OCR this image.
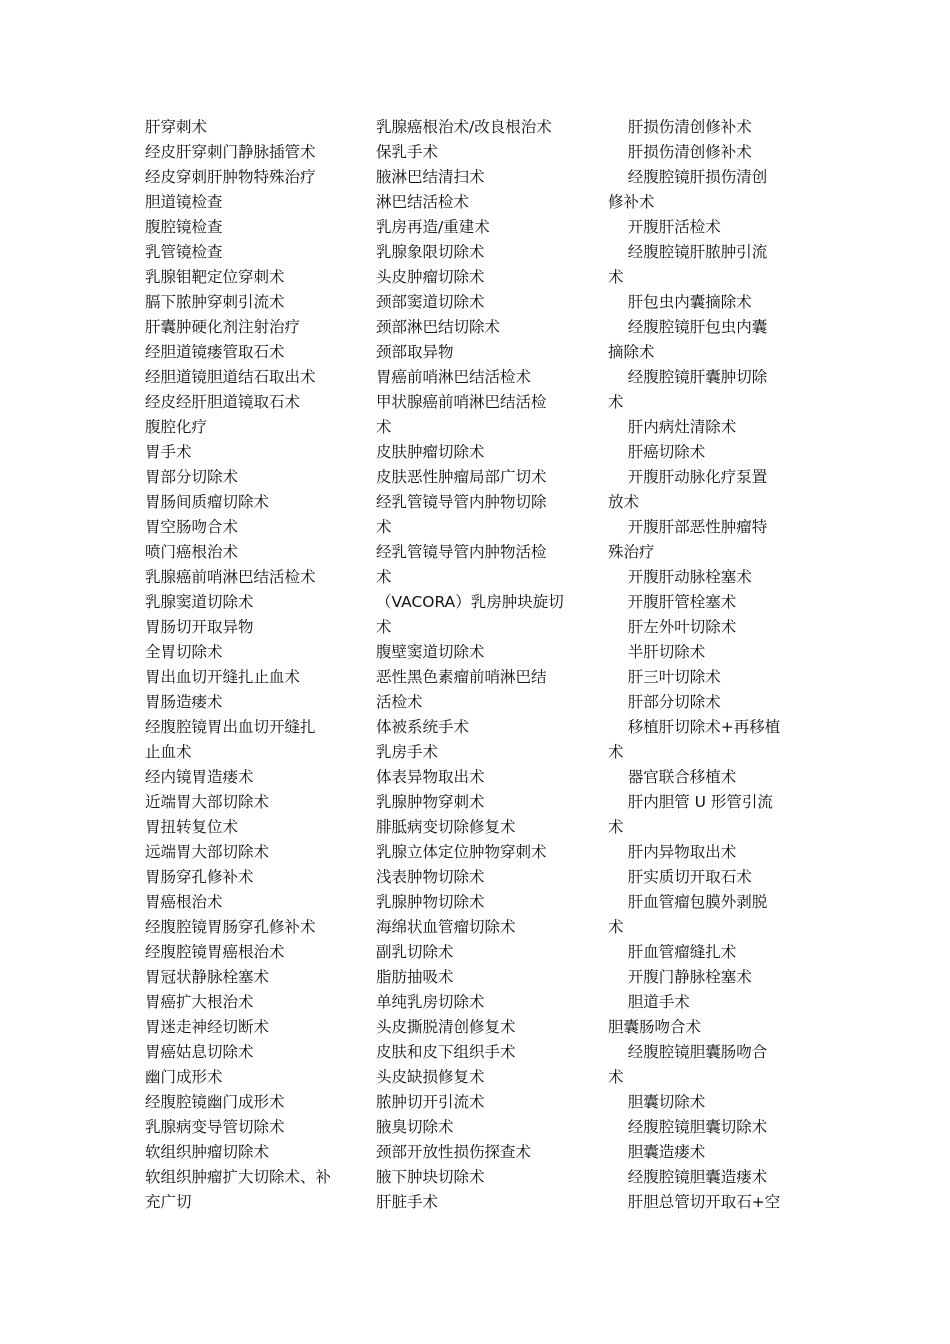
肝穿刺术
经皮肝穿刺门静脉插管术
经皮穿刺肝肿物特殊治疗
胆道镜检查
腹腔镜检查
乳管镜检查
乳腺钼靶定位穿刺术
膈下脓肿穿刺引流术
肝囊肿硬化剂注射治疗
经胆道镜瘘管取石术
经胆道镜胆道结石取出术
经皮经肝胆道镜取石术
腹腔化疗
胃手术
胃部分切除术
胃肠间质瘤切除术
胃空肠吻合术
喷门癌根治术
乳腺癌前哨淋巴结活检术
乳腺窦道切除术
胃肠切开取异物
全胃切除术
胃出血切开缝扎止血术
胃肠造瘘术
经腹腔镜胃出血切开缝扎
止血术
经内镜胃造瘘术
近端胃大部切除术
胃扭转复位术
远端胃大部切除术
胃肠穿孔修补术
胃癌根治术
经腹腔镜胃肠穿孔修补术
经腹腔镜胃癌根治术
胃冠状静脉栓塞术
胃癌扩大根治术
胃迷走神经切断术
胃癌姑息切除术
幽门成形术
经腹腔镜幽门成形术
乳腺病变导管切除术
软组织肿瘤切除术
软组织肿瘤扩大切除术、补
充广切
乳腺癌根治术/改良根治术
保乳手术
腋淋巴结清扫术
淋巴结活检术
乳房再造/重建术
乳腺象限切除术
头皮肿瘤切除术
颈部窦道切除术
颈部淋巴结切除术
颈部取异物
胃癌前哨淋巴结活检术
甲状腺癌前哨淋巴结活检
术
皮肤肿瘤切除术
皮肤恶性肿瘤局部广切术
经乳管镜导管内肿物切除
术
经乳管镜导管内肿物活检
术
（VACORA）乳房肿块旋切
术
腹壁窦道切除术
恶性黑色素瘤前哨淋巴结
活检术
体被系统手术
乳房手术
体表异物取出术
乳腺肿物穿刺术
腓胝病变切除修复术
乳腺立体定位肿物穿刺术
浅表肿物切除术
乳腺肿物切除术
海绵状血管瘤切除术
副乳切除术
脂肪抽吸术
单纯乳房切除术
头皮撕脱清创修复术
皮肤和皮下组织手术
头皮缺损修复术
脓肿切开引流术
腋臭切除术
颈部开放性损伤探查术
腋下肿块切除术
肝脏手术
肝损伤清创修补术
肝损伤清创修补术
经腹腔镜肝损伤清创
修补术
开腹肝活检术
经腹腔镜肝脓肿引流
术
肝包虫内囊摘除术
经腹腔镜肝包虫内囊
摘除术
经腹腔镜肝囊肿切除
术
肝内病灶清除术
肝癌切除术
开腹肝动脉化疗泵置
放术
开腹肝部恶性肿瘤特
殊治疗
开腹肝动脉栓塞术
开腹肝管栓塞术
肝左外叶切除术
半肝切除术
肝三叶切除术
肝部分切除术
移植肝切除术+再移植
术
器官联合移植术
肝内胆管 U 形管引流
术
肝内异物取出术
肝实质切开取石术
肝血管瘤包膜外剥脱
术
肝血管瘤缝扎术
开腹门静脉栓塞术
胆道手术
胆囊肠吻合术
经腹腔镜胆囊肠吻合
术
胆囊切除术
经腹腔镜胆囊切除术
胆囊造瘘术
经腹腔镜胆囊造瘘术
肝胆总管切开取石+空
